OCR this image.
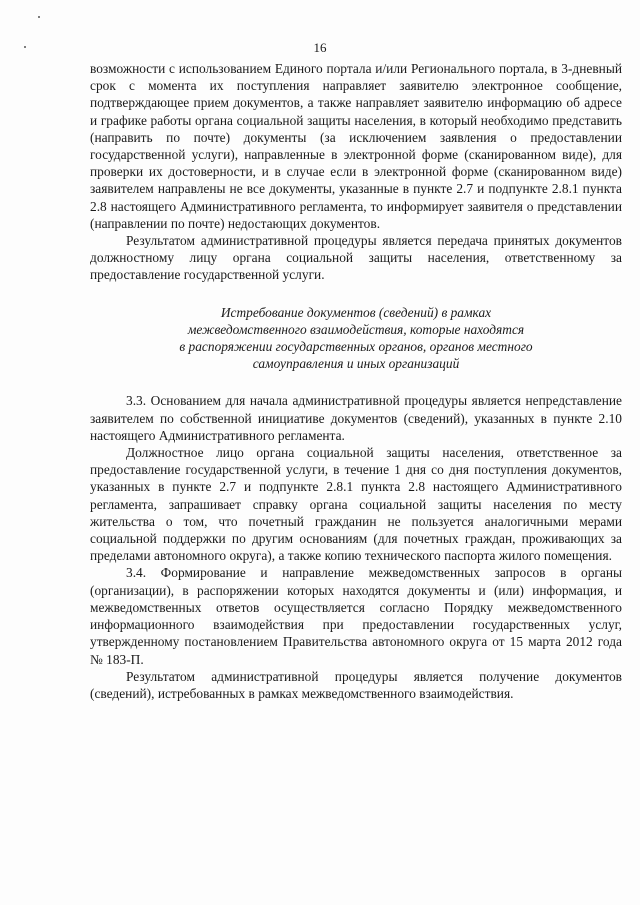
16

возможности с использованием Единого портала и/или Регионального портала, в 3-дневный срок с момента их поступления направляет заявителю электронное сообщение, подтверждающее прием документов, а также направляет заявителю информацию об адресе и графике работы органа социальной защиты населения, в который необходимо представить (направить по почте) документы (за исключением заявления о предоставлении государственной услуги), направленные в электронной форме (сканированном виде), для проверки их достоверности, и в случае если в электронной форме (сканированном виде) заявителем направлены не все документы, указанные в пункте 2.7 и подпункте 2.8.1 пункта 2.8 настоящего Административного регламента, то информирует заявителя о представлении (направлении по почте) недостающих документов.

Результатом административной процедуры является передача принятых документов должностному лицу органа социальной защиты населения, ответственному за предоставление государственной услуги.

Истребование документов (сведений) в рамках
межведомственного взаимодействия, которые находятся
в распоряжении государственных органов, органов местного
самоуправления и иных организаций

3.3. Основанием для начала административной процедуры является непредставление заявителем по собственной инициативе документов (сведений), указанных в пункте 2.10 настоящего Административного регламента.

Должностное лицо органа социальной защиты населения, ответственное за предоставление государственной услуги, в течение 1 дня со дня поступления документов, указанных в пункте 2.7 и подпункте 2.8.1 пункта 2.8 настоящего Административного регламента, запрашивает справку органа социальной защиты населения по месту жительства о том, что почетный гражданин не пользуется аналогичными мерами социальной поддержки по другим основаниям (для почетных граждан, проживающих за пределами автономного округа), а также копию технического паспорта жилого помещения.

3.4. Формирование и направление межведомственных запросов в органы (организации), в распоряжении которых находятся документы и (или) информация, и межведомственных ответов осуществляется согласно Порядку межведомственного информационного взаимодействия при предоставлении государственных услуг, утвержденному постановлением Правительства автономного округа от 15 марта 2012 года № 183-П.

Результатом административной процедуры является получение документов (сведений), истребованных в рамках межведомственного взаимодействия.
